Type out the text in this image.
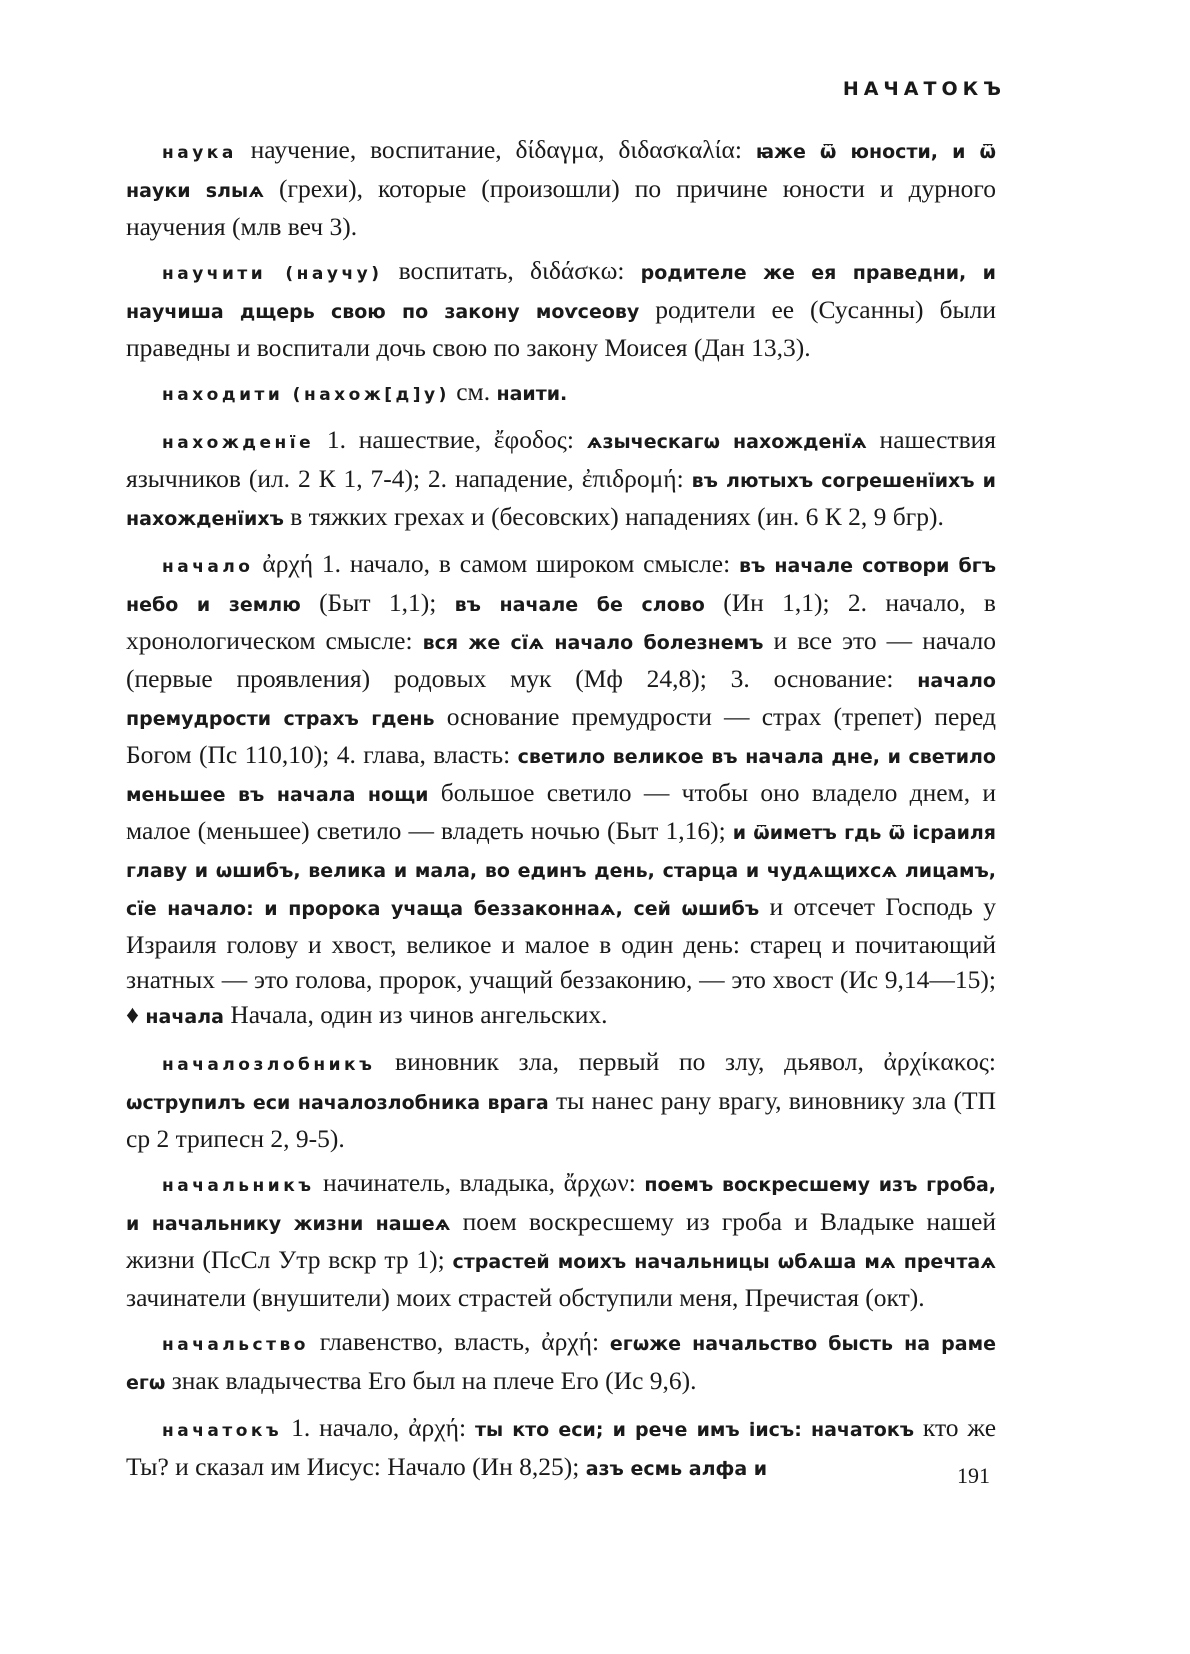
НАЧАТОКЪ

наука научение, воспитание, δίδαγμα, διδασκαλία: ꙗже ѿ юности, и ѿ науки ѕлыѧ (грехи), которые (произошли) по причине юности и дурного научения (млв веч 3).

научити (научу) воспитать, διδάσκω: родителе же ея праведни, и научиша дщерь свою по закону моѵсеову родители ее (Сусанны) были праведны и воспитали дочь свою по закону Моисея (Дан 13,3).

находити (нахож[д]у) см. наити.

нахожденїе 1. нашествие, ἔφοδος: ѧзыческагѡ нахожденїѧ нашествия язычников (ил. 2 К 1, 7-4); 2. нападение, ἐπιδρομή: въ лютыхъ согрешенїихъ и нахожденїихъ в тяжких грехах и (бесовских) нападениях (ин. 6 К 2, 9 бгр).

начало ἀρχή 1. начало, в самом широком смысле: въ начале сотвори бгъ небо и землю (Быт 1,1); въ начале бе слово (Ин 1,1); 2. начало, в хронологическом смысле: вся же сїѧ начало болезнемъ и все это — начало (первые проявления) родовых мук (Мф 24,8); 3. основание: начало премудрости страхъ гдень основание премудрости — страх (трепет) перед Богом (Пс 110,10); 4. глава, власть: светило великое въ начала дне, и светило меньшее въ начала нощи большое светило — чтобы оно владело днем, и малое (меньшее) светило — владеть ночью (Быт 1,16); и ѿиметъ гдь ѿ ісраиля главу и ѡшибъ, велика и мала, во единъ день, старца и чудѧщихсѧ лицамъ, сїе начало: и пророка учаща беззаконнаѧ, сей ѡшибъ и отсечет Господь у Израиля голову и хвост, великое и малое в один день: старец и почитающий знатных — это голова, пророк, учащий беззаконию, — это хвост (Ис 9,14—15); ♦ начала Начала, один из чинов ангельских.

началозлобникъ виновник зла, первый по злу, дьявол, ἀρχίκακος: ѡструпилъ еси началозлобника врага ты нанес рану врагу, виновнику зла (ТП ср 2 трипесн 2, 9-5).

начальникъ начинатель, владыка, ἄρχων: поемъ воскресшему изъ гроба, и начальнику жизни нашеѧ поем воскресшему из гроба и Владыке нашей жизни (ПсСл Утр вскр тр 1); страстей моихъ начальницы ѡбѧша мѧ пречтаѧ зачинатели (внушители) моих страстей обступили меня, Пречистая (окт).

начальство главенство, власть, ἀρχή: егѡже начальство бысть на раме егѡ знак владычества Его был на плече Его (Ис 9,6).

начатокъ 1. начало, ἀρχή: ты кто еси; и рече имъ іисъ: начатокъ кто же Ты? и сказал им Иисус: Начало (Ин 8,25); азъ есмь алфа и	191
